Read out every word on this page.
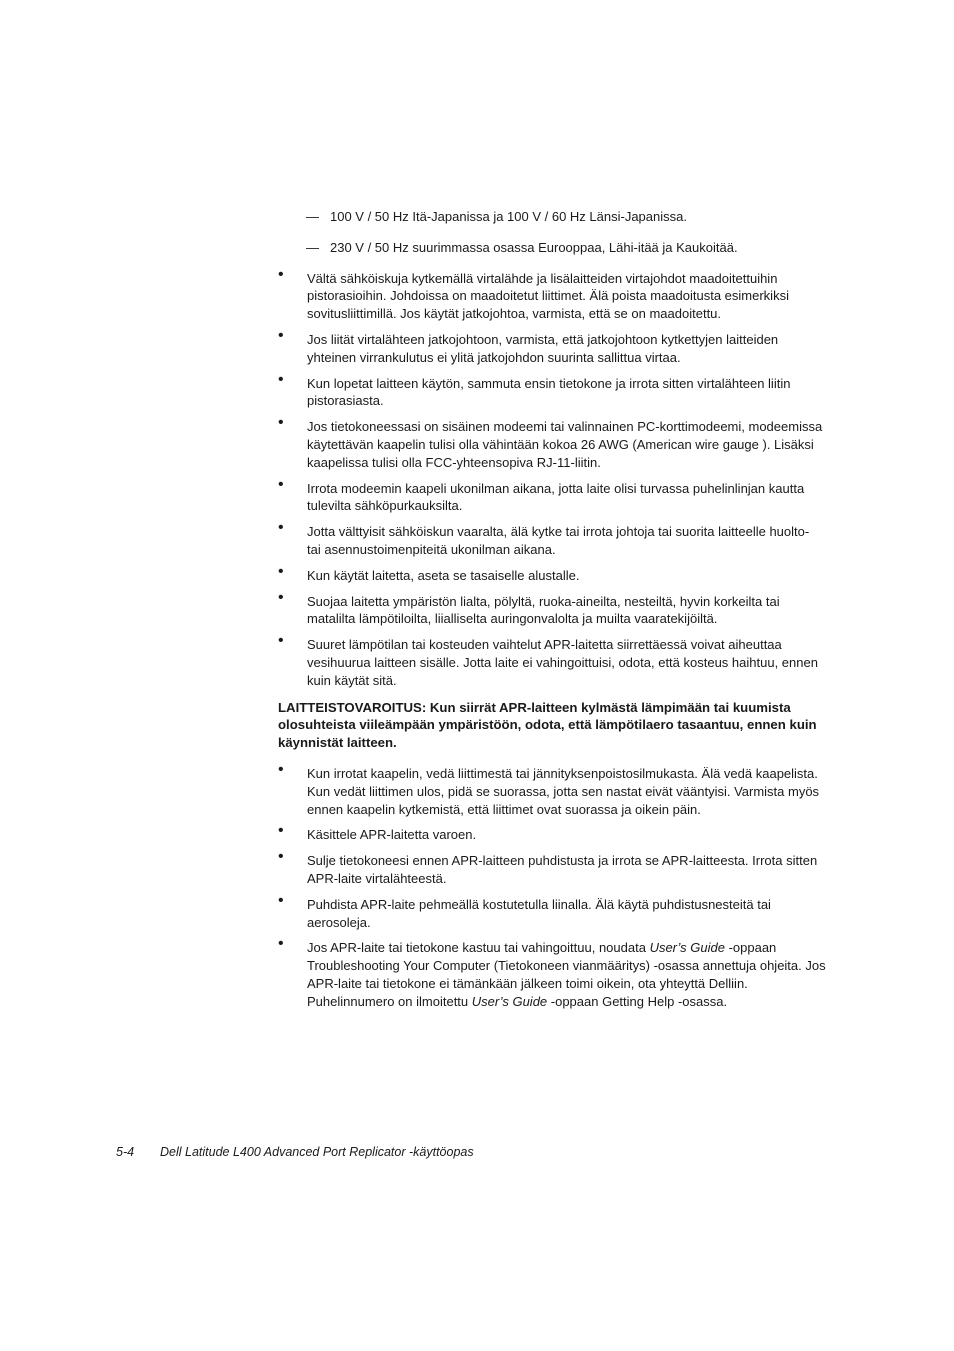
— 100 V / 50 Hz Itä-Japanissa ja 100 V / 60 Hz Länsi-Japanissa.
— 230 V / 50 Hz suurimmassa osassa Eurooppaa, Lähi-itää ja Kaukoitää.
• Vältä sähköiskuja kytkemällä virtalähde ja lisälaitteiden virtajohdot maadoitettuihin pistorasioihin. Johdoissa on maadoitetut liittimet. Älä poista maadoitusta esimerkiksi sovitusliittimillä. Jos käytät jatkojohtoa, varmista, että se on maadoitettu.
• Jos liität virtalähteen jatkojohtoon, varmista, että jatkojohtoon kytkettyjen laitteiden yhteinen virrankulutus ei ylitä jatkojohdon suurinta sallittua virtaa.
• Kun lopetat laitteen käytön, sammuta ensin tietokone ja irrota sitten virtalähteen liitin pistorasiasta.
• Jos tietokoneessasi on sisäinen modeemi tai valinnainen PC-korttimodeemi, modeemissa käytettävän kaapelin tulisi olla vähintään kokoa 26 AWG (American wire gauge ). Lisäksi kaapelissa tulisi olla FCC-yhteensopiva RJ-11-liitin.
• Irrota modeemin kaapeli ukonilman aikana, jotta laite olisi turvassa puhelinlinjan kautta tulevilta sähköpurkauksilta.
• Jotta välttyisit sähköiskun vaaralta, älä kytke tai irrota johtoja tai suorita laitteelle huolto- tai asennustoimenpiteitä ukonilman aikana.
• Kun käytät laitetta, aseta se tasaiselle alustalle.
• Suojaa laitetta ympäristön lialta, pölyltä, ruoka-aineilta, nesteiltä, hyvin korkeilta tai matalilta lämpötiloilta, liialliselta auringonvalolta ja muilta vaaratekijöiltä.
• Suuret lämpötilan tai kosteuden vaihtelut APR-laitetta siirrettäessä voivat aiheuttaa vesihuurua laitteen sisälle. Jotta laite ei vahingoittuisi, odota, että kosteus haihtuu, ennen kuin käytät sitä.
LAITTEISTOVAROITUS: Kun siirrät APR-laitteen kylmästä lämpimään tai kuumista olosuhteista viileämpään ympäristöön, odota, että lämpötilaero tasaantuu, ennen kuin käynnistät laitteen.
• Kun irrotat kaapelin, vedä liittimestä tai jännityksenpoistosilmukasta. Älä vedä kaapelista. Kun vedät liittimen ulos, pidä se suorassa, jotta sen nastat eivät vääntyisi. Varmista myös ennen kaapelin kytkemistä, että liittimet ovat suorassa ja oikein päin.
• Käsittele APR-laitetta varoen.
• Sulje tietokoneesi ennen APR-laitteen puhdistusta ja irrota se APR-laitteesta. Irrota sitten APR-laite virtalähteestä.
• Puhdista APR-laite pehmeällä kostutetulla liinalla. Älä käytä puhdistusnesteitä tai aerosoleja.
• Jos APR-laite tai tietokone kastuu tai vahingoittuu, noudata User’s Guide -oppaan Troubleshooting Your Computer (Tietokoneen vianmääritys) -osassa annettuja ohjeita. Jos APR-laite tai tietokone ei tämänkään jälkeen toimi oikein, ota yhteyttä Delliin. Puhelinnumero on ilmoitettu User’s Guide -oppaan Getting Help -osassa.
5-4 Dell Latitude L400 Advanced Port Replicator -käyttöopas
